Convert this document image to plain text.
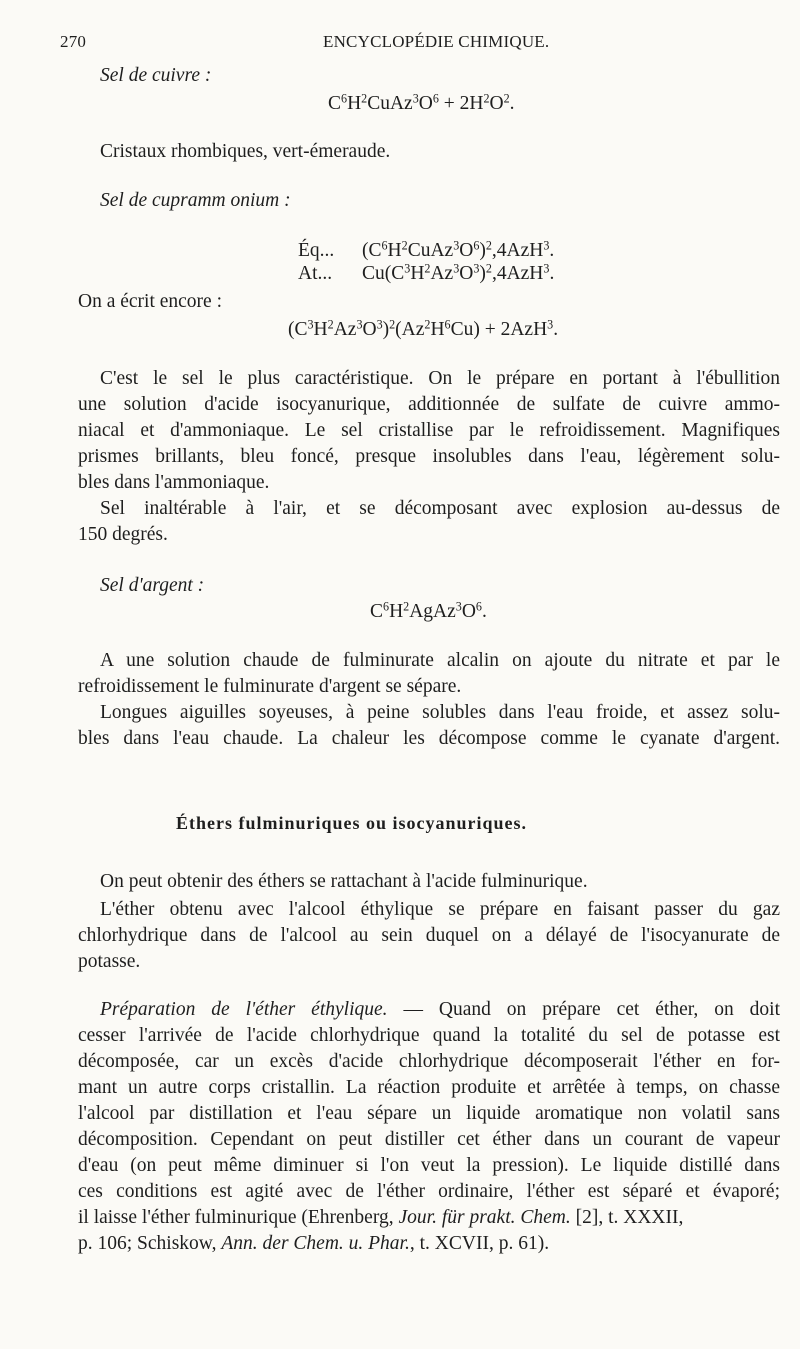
270	ENCYCLOPÉDIE CHIMIQUE.
Sel de cuivre :
$C^6H^2CuAz^3O^6 + 2H^2O^2$.
Cristaux rhombiques, vert-émeraude.
Sel de cupramm onium :
Éq... $(C^6H^2CuAz^3O^6)^2,4AzH^3$.
At... $Cu(C^3H^2Az^3O^3)^2,4AzH^3$.
On a écrit encore :
$(C^3H^2Az^3O^3)^2(Az^2H^6Cu) + 2AzH^3$.
C'est le sel le plus caractéristique. On le prépare en portant à l'ébullition
une solution d'acide isocyanurique, additionnée de sulfate de cuivre ammo-
niacal et d'ammoniaque. Le sel cristallise par le refroidissement. Magnifiques
prismes brillants, bleu foncé, presque insolubles dans l'eau, légèrement solu-
bles dans l'ammoniaque.
Sel inaltérable à l'air, et se décomposant avec explosion au-dessus de
150 degrés.
Sel d'argent :
$C^6H^2AgAz^3O^6$.
A une solution chaude de fulminurate alcalin on ajoute du nitrate et par le
refroidissement le fulminurate d'argent se sépare.
Longues aiguilles soyeuses, à peine solubles dans l'eau froide, et assez solu-
bles dans l'eau chaude. La chaleur les décompose comme le cyanate d'argent.
Éthers fulminuriques ou isocyanuriques.
On peut obtenir des éthers se rattachant à l'acide fulminurique.
L'éther obtenu avec l'alcool éthylique se prépare en faisant passer du gaz
chlorhydrique dans de l'alcool au sein duquel on a délayé de l'isocyanurate de
potasse.
Préparation de l'éther éthylique. — Quand on prépare cet éther, on doit
cesser l'arrivée de l'acide chlorhydrique quand la totalité du sel de potasse est
décomposée, car un excès d'acide chlorhydrique décomposerait l'éther en for-
mant un autre corps cristallin. La réaction produite et arrêtée à temps, on chasse
l'alcool par distillation et l'eau sépare un liquide aromatique non volatil sans
décomposition. Cependant on peut distiller cet éther dans un courant de vapeur
d'eau (on peut même diminuer si l'on veut la pression). Le liquide distillé dans
ces conditions est agité avec de l'éther ordinaire, l'éther est séparé et évaporé;
il laisse l'éther fulminurique (Ehrenberg, Jour. für prakt. Chem. [2], t. XXXII,
p. 106; Schiskow, Ann. der Chem. u. Phar., t. XCVII, p. 61).
